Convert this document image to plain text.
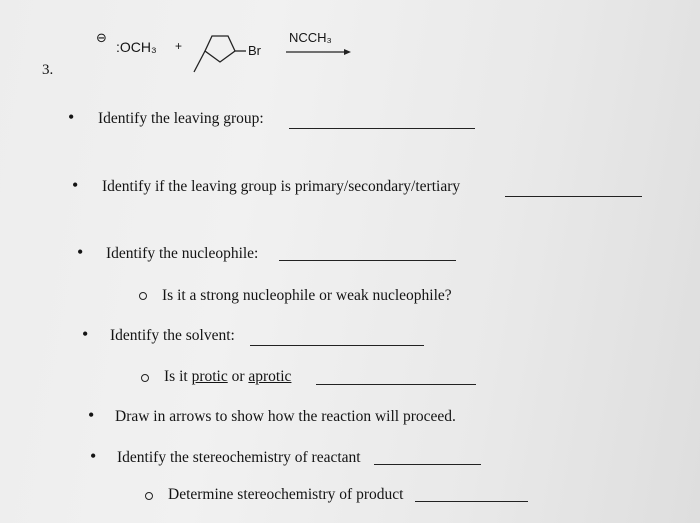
3.
⊖
:OCH₃ +	Br
NCCH₃
• Identify the leaving group:
• Identify if the leaving group is primary/secondary/tertiary
• Identify the nucleophile:
Is it a strong nucleophile or weak nucleophile?
• Identify the solvent:
Is it protic or aprotic
• Draw in arrows to show how the reaction will proceed.
• Identify the stereochemistry of reactant
Determine stereochemistry of product
